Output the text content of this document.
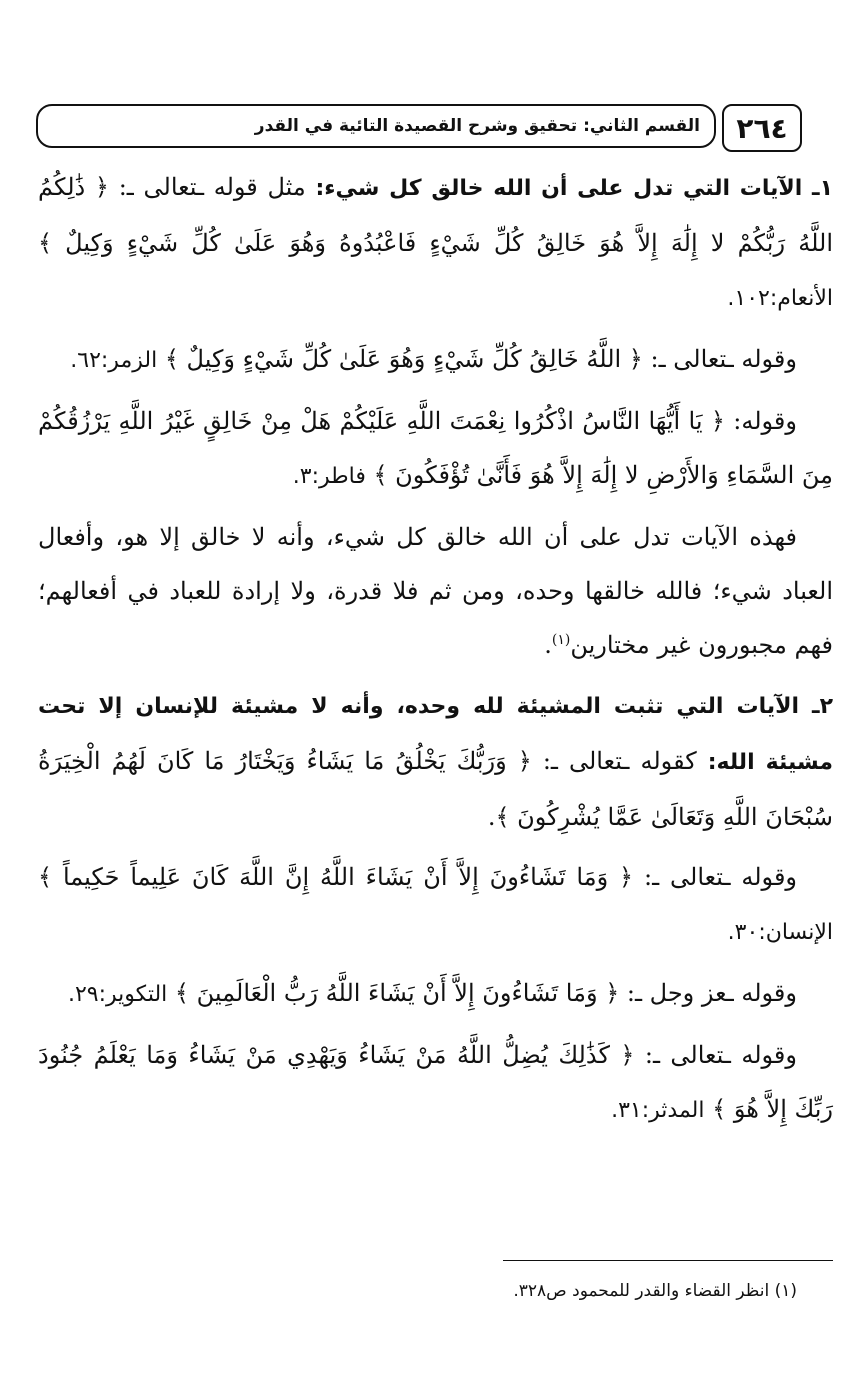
٢٦٤
القسم الثاني: تحقيق وشرح القصيدة التائية في القدر

١ـ الآيات التي تدل على أن الله خالق كل شيء: مثل قوله ـتعالى ـ: ﴿ ذَٰلِكُمُ اللَّهُ رَبُّكُمْ لا إِلَٰهَ إِلاَّ هُوَ خَالِقُ كُلِّ شَيْءٍ فَاعْبُدُوهُ وَهُوَ عَلَىٰ كُلِّ شَيْءٍ وَكِيلٌ ﴾ الأنعام:١٠٢.

وقوله ـتعالى ـ: ﴿ اللَّهُ خَالِقُ كُلِّ شَيْءٍ وَهُوَ عَلَىٰ كُلِّ شَيْءٍ وَكِيلٌ ﴾ الزمر:٦٢.

وقوله: ﴿ يَا أَيُّهَا النَّاسُ اذْكُرُوا نِعْمَتَ اللَّهِ عَلَيْكُمْ هَلْ مِنْ خَالِقٍ غَيْرُ اللَّهِ يَرْزُقُكُمْ مِنَ السَّمَاءِ وَالأَرْضِ لا إِلَٰهَ إِلاَّ هُوَ فَأَنَّىٰ تُؤْفَكُونَ ﴾ فاطر:٣.

فهذه الآيات تدل على أن الله خالق كل شيء، وأنه لا خالق إلا هو، وأفعال العباد شيء؛ فالله خالقها وحده، ومن ثم فلا قدرة، ولا إرادة للعباد في أفعالهم؛ فهم مجبورون غير مختارين$^{(١)}$.

٢ـ الآيات التي تثبت المشيئة لله وحده، وأنه لا مشيئة للإنسان إلا تحت مشيئة الله: كقوله ـتعالى ـ: ﴿ وَرَبُّكَ يَخْلُقُ مَا يَشَاءُ وَيَخْتَارُ مَا كَانَ لَهُمُ الْخِيَرَةُ سُبْحَانَ اللَّهِ وَتَعَالَىٰ عَمَّا يُشْرِكُونَ ﴾.

وقوله ـتعالى ـ: ﴿ وَمَا تَشَاءُونَ إِلاَّ أَنْ يَشَاءَ اللَّهُ إِنَّ اللَّهَ كَانَ عَلِيماً حَكِيماً ﴾ الإنسان:٣٠.

وقوله ـعز وجل ـ: ﴿ وَمَا تَشَاءُونَ إِلاَّ أَنْ يَشَاءَ اللَّهُ رَبُّ الْعَالَمِينَ ﴾ التكوير:٢٩.

وقوله ـتعالى ـ: ﴿ كَذَٰلِكَ يُضِلُّ اللَّهُ مَنْ يَشَاءُ وَيَهْدِي مَنْ يَشَاءُ وَمَا يَعْلَمُ جُنُودَ رَبِّكَ إِلاَّ هُوَ ﴾ المدثر:٣١.

(١) انظر القضاء والقدر للمحمود ص٣٢٨.
